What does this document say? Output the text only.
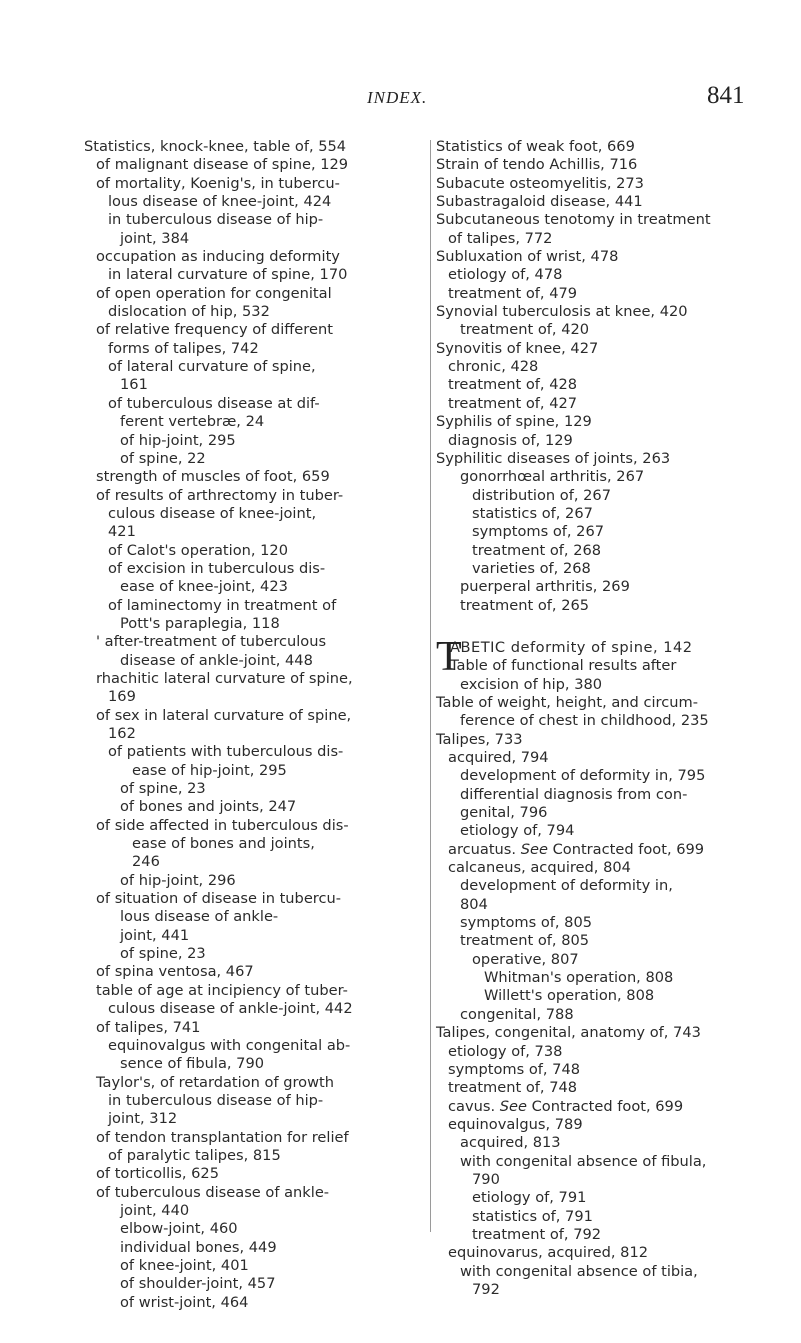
INDEX.	841
Statistics, knock-knee, table of, 554
of malignant disease of spine, 129
of mortality, Koenig's, in tubercu-
lous disease of knee-joint, 424
in tuberculous disease of hip-
joint, 384
occupation as inducing deformity
in lateral curvature of spine, 170
of open operation for congenital
dislocation of hip, 532
of relative frequency of different
forms of talipes, 742
of lateral curvature of spine,
161
of tuberculous disease at dif-
ferent vertebræ, 24
of hip-joint, 295
of spine, 22
strength of muscles of foot, 659
of results of arthrectomy in tuber-
culous disease of knee-joint,
421
of Calot's operation, 120
of excision in tuberculous dis-
ease of knee-joint, 423
of laminectomy in treatment of
Pott's paraplegia, 118
' after-treatment of tuberculous
disease of ankle-joint, 448
rhachitic lateral curvature of spine,
169
of sex in lateral curvature of spine,
162
of patients with tuberculous dis-
ease of hip-joint, 295
of spine, 23
of bones and joints, 247
of side affected in tuberculous dis-
ease of bones and joints,
246
of hip-joint, 296
of situation of disease in tubercu-
lous disease of ankle-
joint, 441
of spine, 23
of spina ventosa, 467
table of age at incipiency of tuber-
culous disease of ankle-joint, 442
of talipes, 741
equinovalgus with congenital ab-
sence of fibula, 790
Taylor's, of retardation of growth
in tuberculous disease of hip-
joint, 312
of tendon transplantation for relief
of paralytic talipes, 815
of torticollis, 625
of tuberculous disease of ankle-
joint, 440
elbow-joint, 460
individual bones, 449
of knee-joint, 401
of shoulder-joint, 457
of wrist-joint, 464
Statistics of weak foot, 669
Strain of tendo Achillis, 716
Subacute osteomyelitis, 273
Subastragaloid disease, 441
Subcutaneous tenotomy in treatment
of talipes, 772
Subluxation of wrist, 478
etiology of, 478
treatment of, 479
Synovial tuberculosis at knee, 420
treatment of, 420
Synovitis of knee, 427
chronic, 428
treatment of, 428
treatment of, 427
Syphilis of spine, 129
diagnosis of, 129
Syphilitic diseases of joints, 263
gonorrhœal arthritis, 267
distribution of, 267
statistics of, 267
symptoms of, 267
treatment of, 268
varieties of, 268
puerperal arthritis, 269
treatment of, 265
T
ABETIC deformity of spine, 142
Table of functional results after
excision of hip, 380
Table of weight, height, and circum-
ference of chest in childhood, 235
Talipes, 733
acquired, 794
development of deformity in, 795
differential diagnosis from con-
genital, 796
etiology of, 794
arcuatus. See Contracted foot, 699
calcaneus, acquired, 804
development of deformity in,
804
symptoms of, 805
treatment of, 805
operative, 807
Whitman's operation, 808
Willett's operation, 808
congenital, 788
Talipes, congenital, anatomy of, 743
etiology of, 738
symptoms of, 748
treatment of, 748
cavus. See Contracted foot, 699
equinovalgus, 789
acquired, 813
with congenital absence of fibula,
790
etiology of, 791
statistics of, 791
treatment of, 792
equinovarus, acquired, 812
with congenital absence of tibia,
792
